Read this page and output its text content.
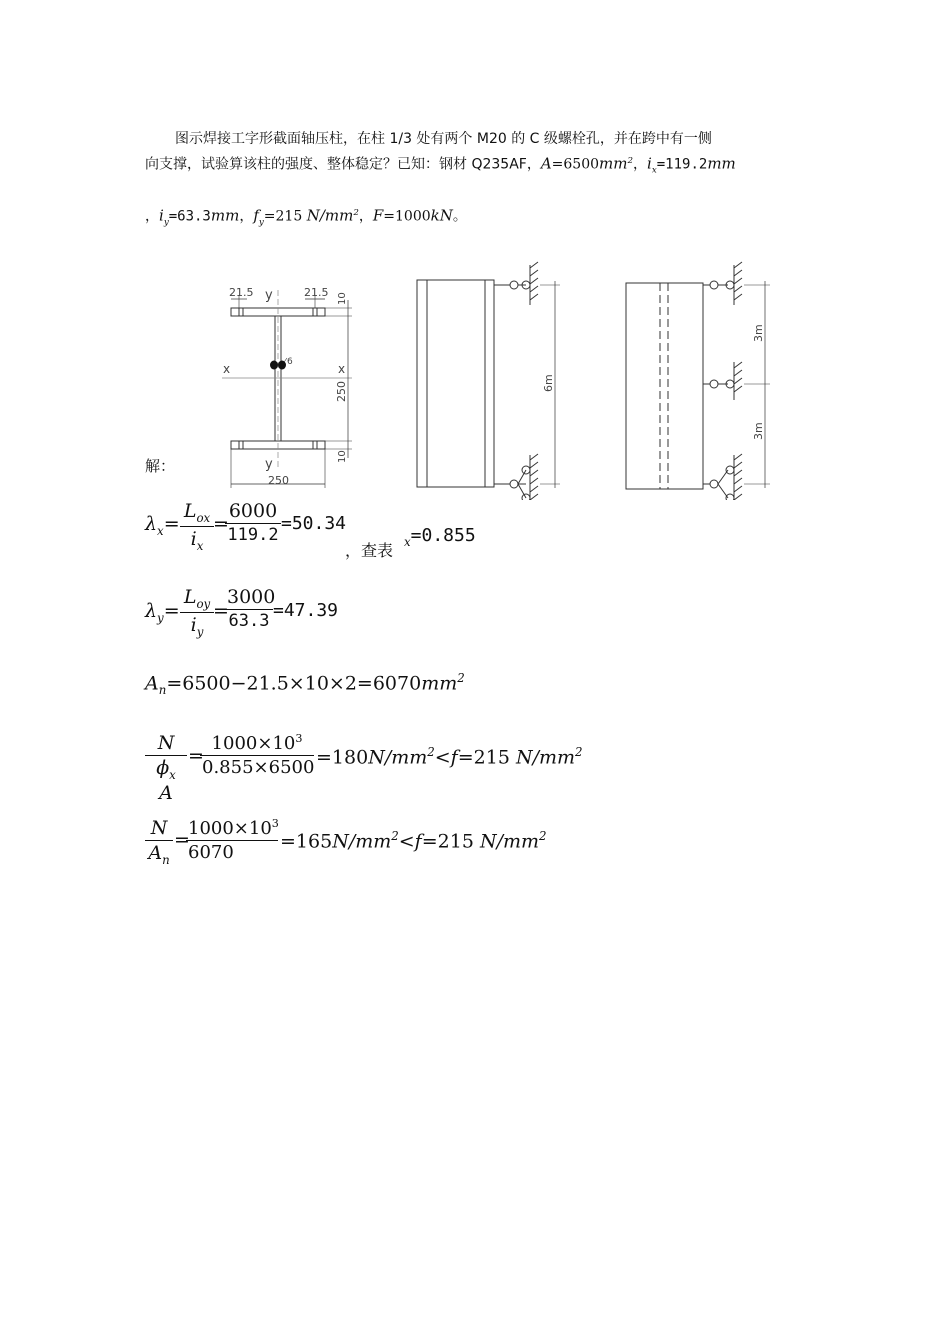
图示焊接工字形截面轴压柱，在柱 1/3 处有两个 M20 的 C 级螺栓孔，并在跨中有一侧
向支撑，试验算该柱的强度、整体稳定？已知：钢材 Q235AF，$A=6500mm^2$，$i_x=119.2mm$
，$i_y=63.3mm$，$f_y=215$ $N/mm^2$，F=1000kN。
21.5	21.5
y
y
x	x
6
250
10
250
10
6m
3m
3m
解：
$\lambda_x=$
$L_{ox}$
$i_x$
=
6000
119.2
=50.34
，查表 $_x$=0.855
$\lambda_y=$
$L_{oy}$
$i_y$
=
3000
63.3 =47.39
$A_n=6500-21.5\times 10\times 2=6070mm^2$
N
$\phi_x$ A
=
$1000\times 10^3$
$0.855\times 6500 =180N/mm^2<f=215$ $N/mm^2$
N
$A_n$
=
$1000\times 10^3$
6070
$=165N/mm^2<f=215$ $N/mm^2$
